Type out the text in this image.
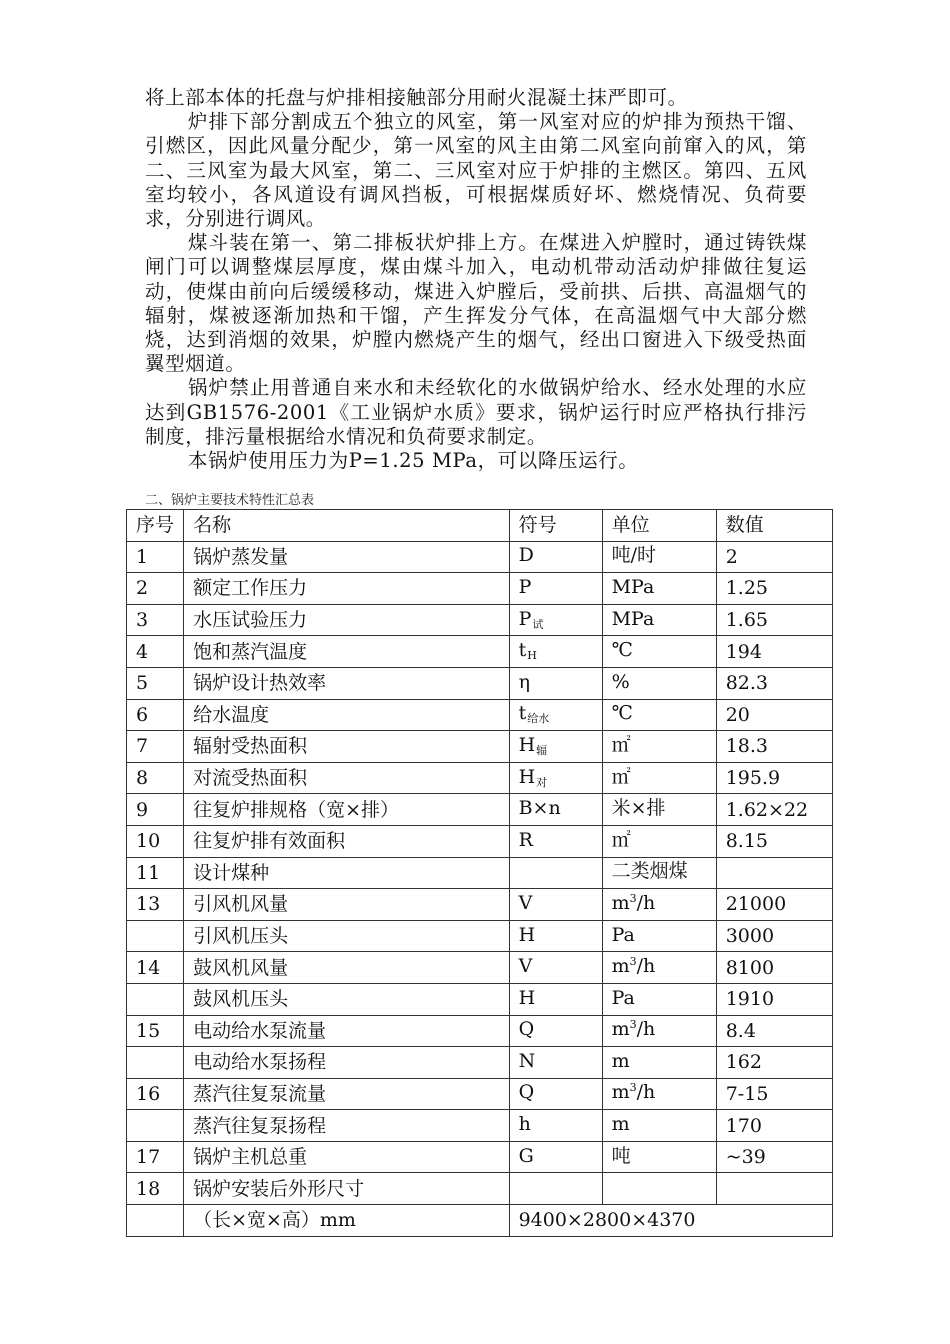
将上部本体的托盘与炉排相接触部分用耐火混凝土抹严即可。

炉排下部分割成五个独立的风室，第一风室对应的炉排为预热干馏、引燃区，因此风量分配少，第一风室的风主由第二风室向前窜入的风，第二、三风室为最大风室，第二、三风室对应于炉排的主燃区。第四、五风室均较小，各风道设有调风挡板，可根据煤质好坏、燃烧情况、负荷要求，分别进行调风。

煤斗装在第一、第二排板状炉排上方。在煤进入炉膛时，通过铸铁煤闸门可以调整煤层厚度，煤由煤斗加入，电动机带动活动炉排做往复运动，使煤由前向后缓缓移动，煤进入炉膛后，受前拱、后拱、高温烟气的辐射，煤被逐渐加热和干馏，产生挥发分气体，在高温烟气中大部分燃烧，达到消烟的效果，炉膛内燃烧产生的烟气，经出口窗进入下级受热面翼型烟道。

锅炉禁止用普通自来水和未经软化的水做锅炉给水、经水处理的水应达到GB1576-2001《工业锅炉水质》要求，锅炉运行时应严格执行排污制度，排污量根据给水情况和负荷要求制定。

本锅炉使用压力为P=1.25 MPa，可以降压运行。

二、锅炉主要技术特性汇总表
序号	名称	符号	单位	数值
1	锅炉蒸发量	D	吨/时	2
2	额定工作压力	P	MPa	1.25
3	水压试验压力	P试	MPa	1.65
4	饱和蒸汽温度	tH	℃	194
5	锅炉设计热效率	η	%	82.3
6	给水温度	t给水	℃	20
7	辐射受热面积	H辐	㎡	18.3
8	对流受热面积	H对	㎡	195.9
9	往复炉排规格（宽×排）	B×n	米×排	1.62×22
10	往复炉排有效面积	R	㎡	8.15
11	设计煤种		二类烟煤	
13	引风机风量	V	$m^3/h$	21000
	引风机压头	H	Pa	3000
14	鼓风机风量	V	$m^3/h$	8100
	鼓风机压头	H	Pa	1910
15	电动给水泵流量	Q	$m^3/h$	8.4
	电动给水泵扬程	N	m	162
16	蒸汽往复泵流量	Q	$m^3/h$	7-15
	蒸汽往复泵扬程	h	m	170
17	锅炉主机总重	G	吨	~39
18	锅炉安装后外形尺寸			
	（长×宽×高）mm	9400×2800×4370		
